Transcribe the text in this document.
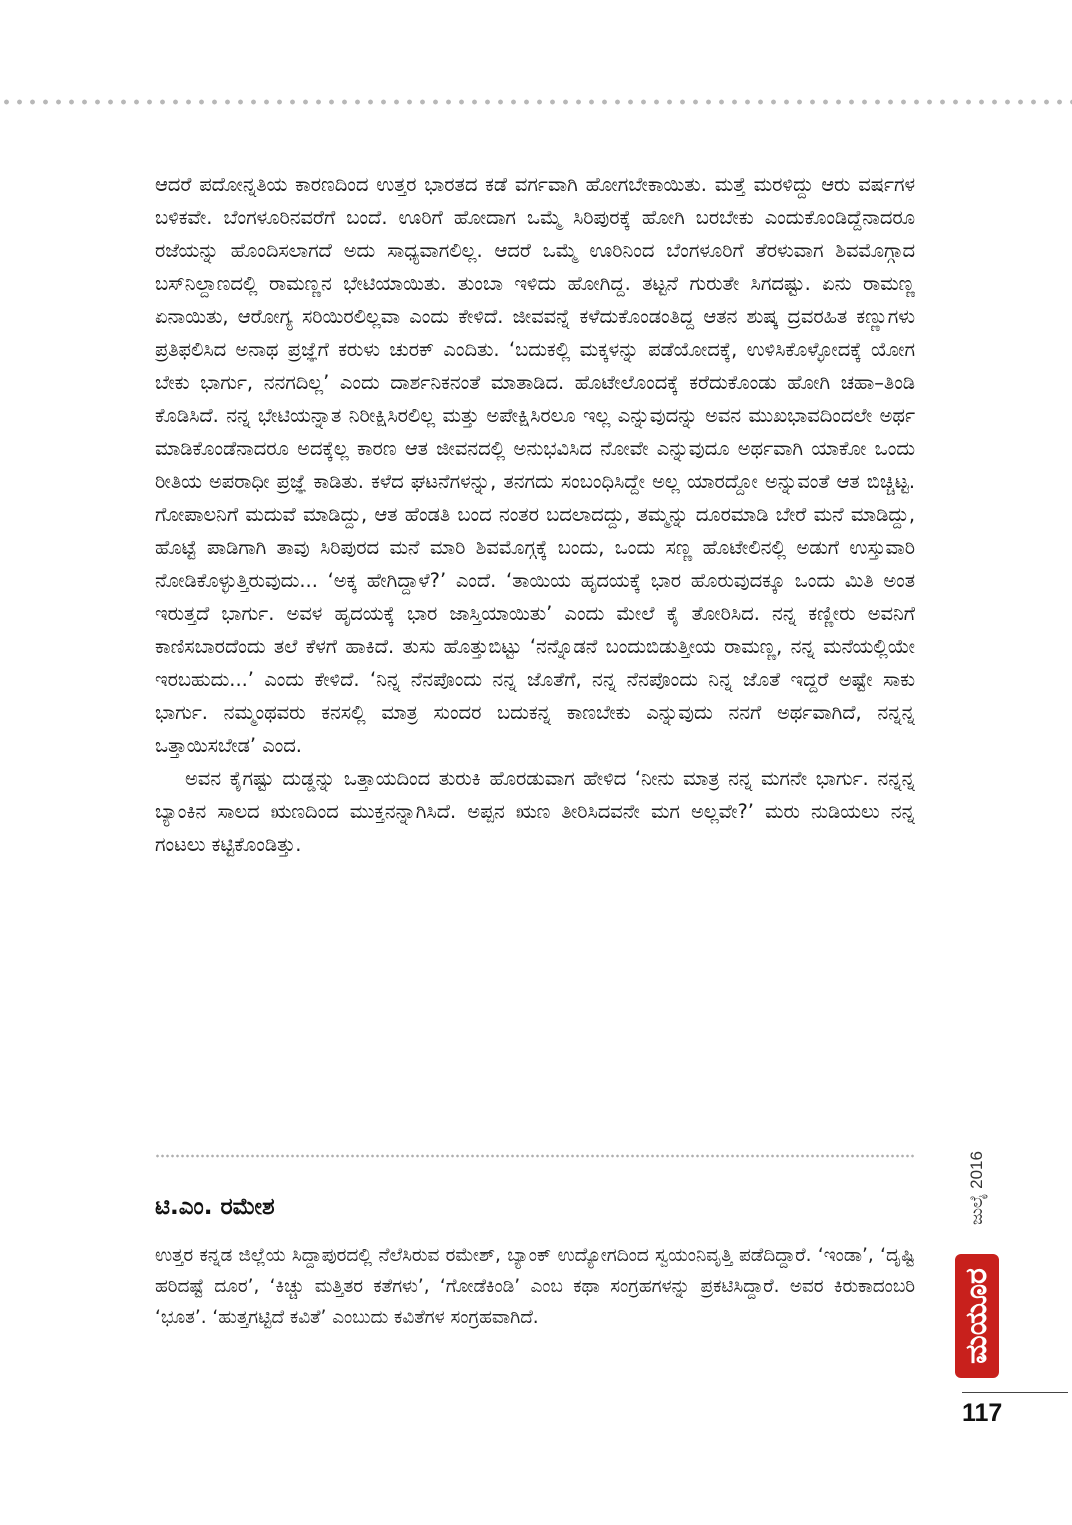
ಆದರೆ ಪದೋನ್ನತಿಯ ಕಾರಣದಿಂದ ಉತ್ತರ ಭಾರತದ ಕಡೆ ವರ್ಗವಾಗಿ ಹೋಗಬೇಕಾಯಿತು. ಮತ್ತೆ ಮರಳಿದ್ದು ಆರು ವರ್ಷಗಳ ಬಳಿಕವೇ. ಬೆಂಗಳೂರಿನವರೆಗೆ ಬಂದೆ. ಊರಿಗೆ ಹೋದಾಗ ಒಮ್ಮೆ ಸಿರಿಪುರಕ್ಕೆ ಹೋಗಿ ಬರಬೇಕು ಎಂದುಕೊಂಡಿದ್ದೆನಾದರೂ ರಜೆಯನ್ನು ಹೊಂದಿಸಲಾಗದೆ ಅದು ಸಾಧ್ಯವಾಗಲಿಲ್ಲ. ಆದರೆ ಒಮ್ಮೆ ಊರಿನಿಂದ ಬೆಂಗಳೂರಿಗೆ ತೆರಳುವಾಗ ಶಿವಮೊಗ್ಗಾದ ಬಸ್‌ನಿಲ್ದಾಣದಲ್ಲಿ ರಾಮಣ್ಣನ ಭೇಟಿಯಾಯಿತು. ತುಂಬಾ ಇಳಿದು ಹೋಗಿದ್ದ. ತಟ್ಟನೆ ಗುರುತೇ ಸಿಗದಷ್ಟು. ಏನು ರಾಮಣ್ಣ ಏನಾಯಿತು, ಆರೋಗ್ಯ ಸರಿಯಿರಲಿಲ್ಲವಾ ಎಂದು ಕೇಳಿದೆ. ಜೀವವನ್ನೆ ಕಳೆದುಕೊಂಡಂತಿದ್ದ ಆತನ ಶುಷ್ಕ ದ್ರವರಹಿತ ಕಣ್ಣುಗಳು ಪ್ರತಿಫಲಿಸಿದ ಅನಾಥ ಪ್ರಜ್ಞೆಗೆ ಕರುಳು ಚುರಕ್ ಎಂದಿತು. ‘ಬದುಕಲ್ಲಿ ಮಕ್ಕಳನ್ನು ಪಡೆಯೋದಕ್ಕೆ, ಉಳಿಸಿಕೊಳ್ಳೋದಕ್ಕೆ ಯೋಗ ಬೇಕು ಭಾರ್ಗು, ನನಗದಿಲ್ಲ’ ಎಂದು ದಾರ್ಶನಿಕನಂತೆ ಮಾತಾಡಿದ. ಹೊಟೇಲೊಂದಕ್ಕೆ ಕರೆದುಕೊಂಡು ಹೋಗಿ ಚಹಾ–ತಿಂಡಿ ಕೊಡಿಸಿದೆ. ನನ್ನ ಭೇಟಿಯನ್ನಾತ ನಿರೀಕ್ಷಿಸಿರಲಿಲ್ಲ ಮತ್ತು ಅಪೇಕ್ಷಿಸಿರಲೂ ಇಲ್ಲ ಎನ್ನುವುದನ್ನು ಅವನ ಮುಖಭಾವದಿಂದಲೇ ಅರ್ಥ ಮಾಡಿಕೊಂಡೆನಾದರೂ ಅದಕ್ಕೆಲ್ಲ ಕಾರಣ ಆತ ಜೀವನದಲ್ಲಿ ಅನುಭವಿಸಿದ ನೋವೇ ಎನ್ನುವುದೂ ಅರ್ಥವಾಗಿ ಯಾಕೋ ಒಂದು ರೀತಿಯ ಅಪರಾಧೀ ಪ್ರಜ್ಞೆ ಕಾಡಿತು. ಕಳೆದ ಘಟನೆಗಳನ್ನು, ತನಗದು ಸಂಬಂಧಿಸಿದ್ದೇ ಅಲ್ಲ ಯಾರದ್ದೋ ಅನ್ನುವಂತೆ ಆತ ಬಿಚ್ಚಿಟ್ಟ. ಗೋಪಾಲನಿಗೆ ಮದುವೆ ಮಾಡಿದ್ದು, ಆತ ಹೆಂಡತಿ ಬಂದ ನಂತರ ಬದಲಾದದ್ದು, ತಮ್ಮನ್ನು ದೂರಮಾಡಿ ಬೇರೆ ಮನೆ ಮಾಡಿದ್ದು, ಹೊಟ್ಟೆ ಪಾಡಿಗಾಗಿ ತಾವು ಸಿರಿಪುರದ ಮನೆ ಮಾರಿ ಶಿವಮೊಗ್ಗಕ್ಕೆ ಬಂದು, ಒಂದು ಸಣ್ಣ ಹೊಟೇಲಿನಲ್ಲಿ ಅಡುಗೆ ಉಸ್ತುವಾರಿ ನೋಡಿಕೊಳ್ಳುತ್ತಿರುವುದು... ‘ಅಕ್ಕ ಹೇಗಿದ್ದಾಳೆ?’ ಎಂದೆ. ‘ತಾಯಿಯ ಹೃದಯಕ್ಕೆ ಭಾರ ಹೊರುವುದಕ್ಕೂ ಒಂದು ಮಿತಿ ಅಂತ ಇರುತ್ತದೆ ಭಾರ್ಗು. ಅವಳ ಹೃದಯಕ್ಕೆ ಭಾರ ಜಾಸ್ತಿಯಾಯಿತು’ ಎಂದು ಮೇಲೆ ಕೈ ತೋರಿಸಿದ. ನನ್ನ ಕಣ್ಣೀರು ಅವನಿಗೆ ಕಾಣಿಸಬಾರದೆಂದು ತಲೆ ಕೆಳಗೆ ಹಾಕಿದೆ. ತುಸು ಹೊತ್ತುಬಿಟ್ಟು ‘ನನ್ನೊಡನೆ ಬಂದುಬಿಡುತ್ತೀಯ ರಾಮಣ್ಣ, ನನ್ನ ಮನೆಯಲ್ಲಿಯೇ ಇರಬಹುದು...’ ಎಂದು ಕೇಳಿದೆ. ‘ನಿನ್ನ ನೆನಪೊಂದು ನನ್ನ ಜೊತೆಗೆ, ನನ್ನ ನೆನಪೊಂದು ನಿನ್ನ ಜೊತೆ ಇದ್ದರೆ ಅಷ್ಟೇ ಸಾಕು ಭಾರ್ಗು. ನಮ್ಮಂಥವರು ಕನಸಲ್ಲಿ ಮಾತ್ರ ಸುಂದರ ಬದುಕನ್ನ ಕಾಣಬೇಕು ಎನ್ನುವುದು ನನಗೆ ಅರ್ಥವಾಗಿದೆ, ನನ್ನನ್ನ ಒತ್ತಾಯಿಸಬೇಡ’ ಎಂದ.

ಅವನ ಕೈಗಷ್ಟು ದುಡ್ಡನ್ನು ಒತ್ತಾಯದಿಂದ ತುರುಕಿ ಹೊರಡುವಾಗ ಹೇಳಿದ ‘ನೀನು ಮಾತ್ರ ನನ್ನ ಮಗನೇ ಭಾರ್ಗು. ನನ್ನನ್ನ ಬ್ಯಾಂಕಿನ ಸಾಲದ ಋಣದಿಂದ ಮುಕ್ತನನ್ನಾಗಿಸಿದೆ. ಅಪ್ಪನ ಋಣ ತೀರಿಸಿದವನೇ ಮಗ ಅಲ್ಲವೇ?’ ಮರು ನುಡಿಯಲು ನನ್ನ ಗಂಟಲು ಕಟ್ಟಿಕೊಂಡಿತ್ತು.

ಟಿ.ಎಂ. ರಮೇಶ

ಉತ್ತರ ಕನ್ನಡ ಜಿಲ್ಲೆಯ ಸಿದ್ದಾಪುರದಲ್ಲಿ ನೆಲೆಸಿರುವ ರಮೇಶ್, ಬ್ಯಾಂಕ್ ಉದ್ಯೋಗದಿಂದ ಸ್ವಯಂನಿವೃತ್ತಿ ಪಡೆದಿದ್ದಾರೆ. ‘ಇಂಡಾ’, ‘ದೃಷ್ಟಿ ಹರಿದಷ್ಟೆ ದೂರ’, ‘ಕಿಚ್ಚು ಮತ್ತಿತರ ಕತೆಗಳು’, ‘ಗೋಡೆಕಿಂಡಿ’ ಎಂಬ ಕಥಾ ಸಂಗ್ರಹಗಳನ್ನು ಪ್ರಕಟಿಸಿದ್ದಾರೆ. ಅವರ ಕಿರುಕಾದಂಬರಿ ‘ಭೂತ’. ‘ಹುತ್ತಗಟ್ಟಿದೆ ಕವಿತೆ’ ಎಂಬುದು ಕವಿತೆಗಳ ಸಂಗ್ರಹವಾಗಿದೆ.

ಜುಲೈ 2016
ಮಯೂರ

117
